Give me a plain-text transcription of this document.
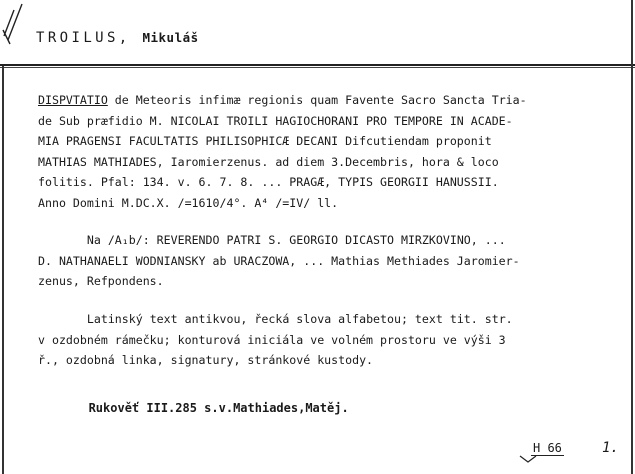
TROILUS, Mikuláš
DISPVTATIO de Meteoris infimæ regionis quam Favente Sacro Sancta Tria-
de Sub præfidio M. NICOLAI TROILI HAGIOCHORANI PRO TEMPORE IN ACADE-
MIA PRAGENSI FACULTATIS PHILISOPHICÆ DECANI Difcutiendam proponit
MATHIAS MATHIADES, Iaromierzenus. ad diem 3.Decembris, hora & loco
folitis. Pfal: 134. v. 6. 7. 8. ... PRAGÆ, TYPIS GEORGII HANUSSII.
Anno Domini M.DC.X. /=1610/4°. A⁴ /=IV/ ll.
Na /A₁b/: REVERENDO PATRI S. GEORGIO DICASTO MIRZKOVINO, ...
D. NATHANAELI WODNIANSKY ab URACZOWA, ... Mathias Methiades Jaromier-
zenus, Refpondens.
Latinský text antikvou, řecká slova alfabetou; text tit. str.
v ozdobném rámečku; konturová iniciála ve volném prostoru ve výši 3
ř., ozdobná linka, signatury, stránkové kustody.
Rukověť III.285 s.v.Mathiades,Matěj.
H 66	1.
